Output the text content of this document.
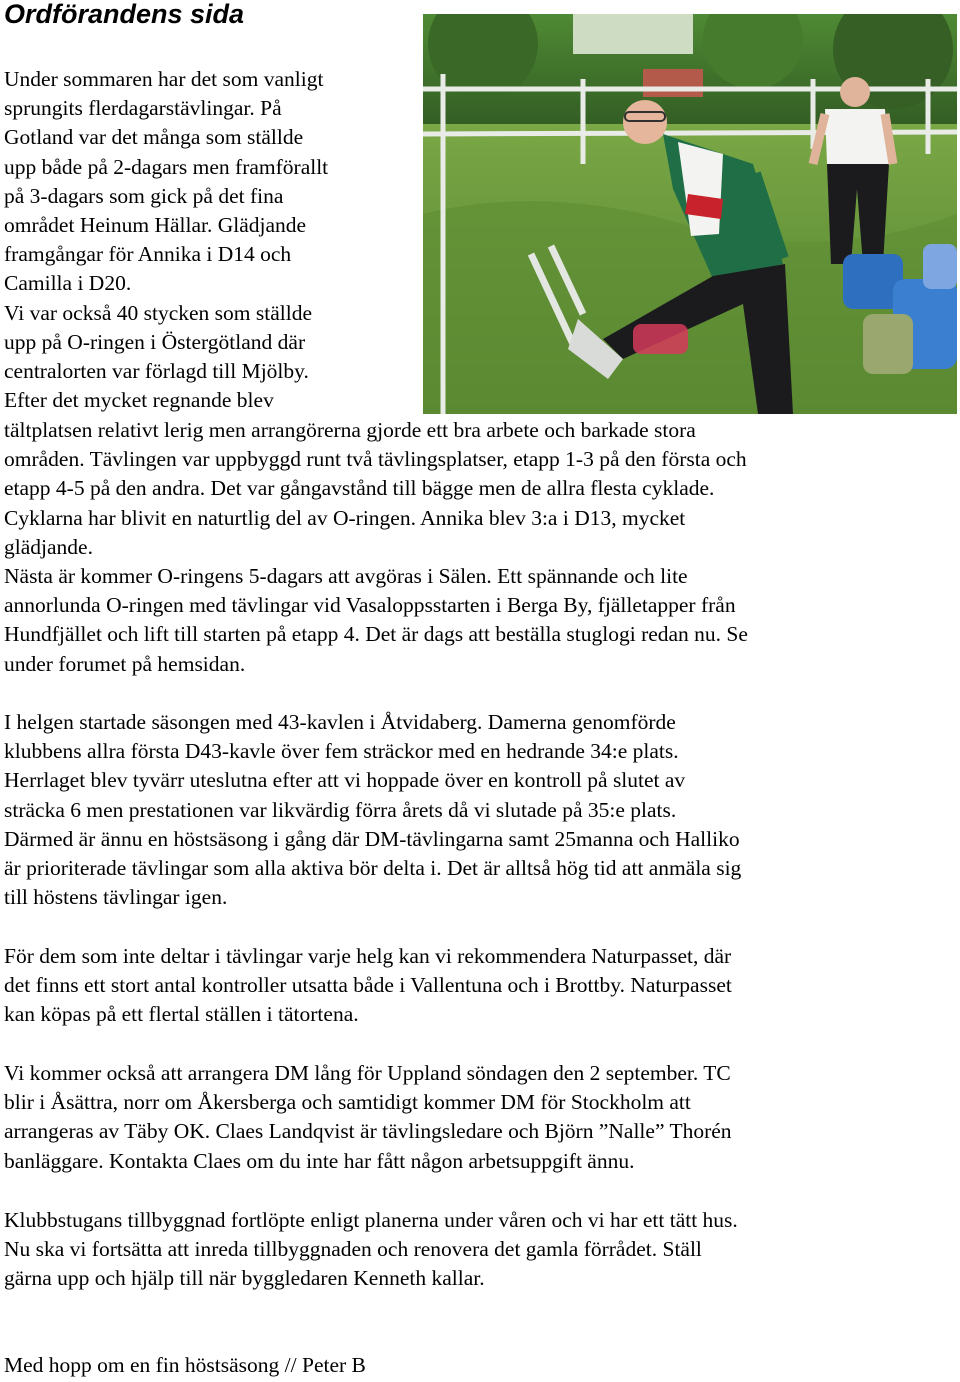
Ordförandens sida

Under sommaren har det som vanligt
sprungits flerdagarstävlingar. På
Gotland var det många som ställde
upp både på 2-dagars men framförallt
på 3-dagars som gick på det fina
området Heinum Hällar. Glädjande
framgångar för Annika i D14 och
Camilla i D20.
Vi var också 40 stycken som ställde
upp på O-ringen i Östergötland där
centralorten var förlagd till Mjölby.
Efter det mycket regnande blev

tältplatsen relativt lerig men arrangörerna gjorde ett bra arbete och barkade stora
områden. Tävlingen var uppbyggd runt två tävlingsplatser, etapp 1-3 på den första och
etapp 4-5 på den andra. Det var gångavstånd till bägge men de allra flesta cyklade.
Cyklarna har blivit en naturtlig del av O-ringen. Annika blev 3:a i D13, mycket
glädjande.
Nästa är kommer O-ringens 5-dagars att avgöras i Sälen. Ett spännande och lite
annorlunda O-ringen med tävlingar vid Vasaloppsstarten i Berga By, fjälletapper från
Hundfjället och lift till starten på etapp 4. Det är dags att beställa stuglogi redan nu. Se
under forumet på hemsidan.

I helgen startade säsongen med 43-kavlen i Åtvidaberg. Damerna genomförde
klubbens allra första D43-kavle över fem sträckor med en hedrande 34:e plats.
Herrlaget blev tyvärr uteslutna efter att vi hoppade över en kontroll på slutet av
sträcka 6 men prestationen var likvärdig förra årets då vi slutade på 35:e plats.
Därmed är ännu en höstsäsong i gång där DM-tävlingarna samt 25manna och Halliko
är prioriterade tävlingar som alla aktiva bör delta i. Det är alltså hög tid att anmäla sig
till höstens tävlingar igen.

För dem som inte deltar i tävlingar varje helg kan vi rekommendera Naturpasset, där
det finns ett stort antal kontroller utsatta både i Vallentuna och i Brottby. Naturpasset
kan köpas på ett flertal ställen i tätortena.

Vi kommer också att arrangera DM lång för Uppland söndagen den 2 september. TC
blir i Åsättra, norr om Åkersberga och samtidigt kommer DM för Stockholm att
arrangeras av Täby OK. Claes Landqvist är tävlingsledare och Björn ”Nalle” Thorén
banläggare. Kontakta Claes om du inte har fått någon arbetsuppgift ännu.

Klubbstugans tillbyggnad fortlöpte enligt planerna under våren och vi har ett tätt hus.
Nu ska vi fortsätta att inreda tillbyggnaden och renovera det gamla förrådet. Ställ
gärna upp och hjälp till när byggledaren Kenneth kallar.

Med hopp om en fin höstsäsong // Peter B
